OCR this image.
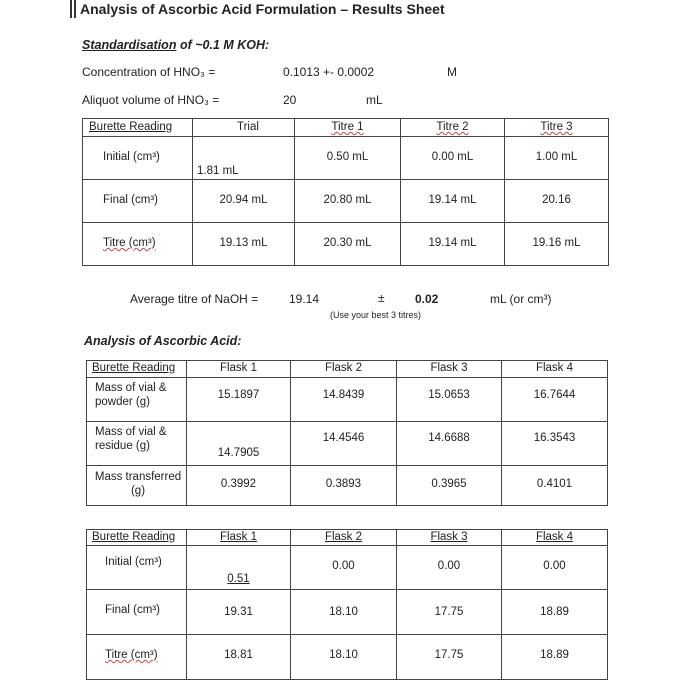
Analysis of Ascorbic Acid Formulation – Results Sheet
Standardisation of ~0.1 M KOH:
Concentration of HNO₃ =	0.1013 +- 0.0002	M
Aliquot volume of HNO₃ =	20	mL
Burette Reading	Trial	Titre 1	Titre 2	Titre 3

Initial (cm³)	1.81 mL	0.50 mL	0.00 mL	1.00 mL

Final (cm³)	20.94 mL	20.80 mL	19.14 mL	20.16

Titre (cm³)	19.13 mL	20.30 mL	19.14 mL	19.16 mL
Average titre of NaOH =	19.14	±	0.02	mL (or cm³)
(Use your best 3 titres)
Analysis of Ascorbic Acid:
Burette Reading	Flask 1	Flask 2	Flask 3	Flask 4

Mass of vial & powder (g)	15.1897	14.8439	15.0653	16.7644

Mass of vial & residue (g)	14.7905	14.4546	14.6688	16.3543

Mass transferred (g)	0.3992	0.3893	0.3965	0.4101
Burette Reading	Flask 1	Flask 2	Flask 3	Flask 4

Initial (cm³)	0.51	0.00	0.00	0.00

Final (cm³)	19.31	18.10	17.75	18.89

Titre (cm³)	18.81	18.10	17.75	18.89
